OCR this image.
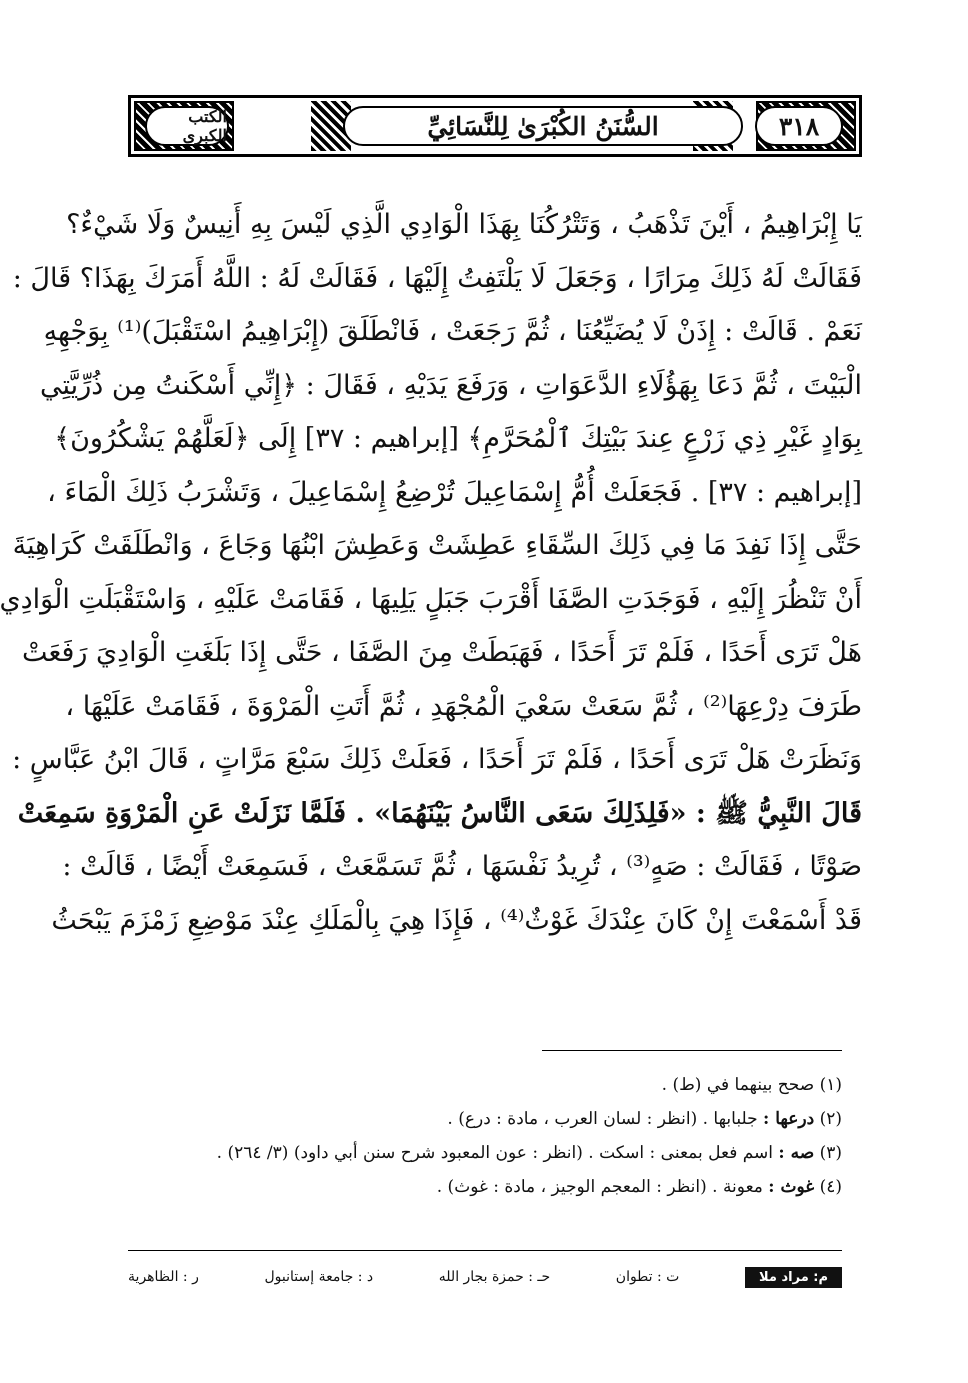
٣١٨
السُّنَنُ الكُبْرَىٰ لِلنَّسَائِيِّ
الكتب الكبرى
يَا إِبْرَاهِيمُ ، أَيْنَ تَذْهَبُ ، وَتَتْرُكُنَا بِهَذَا الْوَادِي الَّذِي لَيْسَ بِهِ أَنِيسٌ وَلَا شَيْءٌ؟
فَقَالَتْ لَهُ ذَلِكَ مِرَارًا ، وَجَعَلَ لَا يَلْتَفِتُ إِلَيْهَا ، فَقَالَتْ لَهُ : اللَّهُ أَمَرَكَ بِهَذَا؟ قَالَ :
نَعَمْ . قَالَتْ : إِذَنْ لَا يُضَيِّعُنَا ، ثُمَّ رَجَعَتْ ، فَانْطَلَقَ (إِبْرَاهِيمُ اسْتَقْبَلَ)⁽¹⁾ بِوَجْهِهِ
الْبَيْتَ ، ثُمَّ دَعَا بِهَؤُلَاءِ الدَّعَوَاتِ ، وَرَفَعَ يَدَيْهِ ، فَقَالَ : ﴿إِنِّي أَسْكَنتُ مِن ذُرِّيَّتِي
بِوَادٍ غَيْرِ ذِي زَرْعٍ عِندَ بَيْتِكَ ٱلْمُحَرَّمِ﴾ [إبراهيم : ٣٧] إِلَى ﴿لَعَلَّهُمْ يَشْكُرُونَ﴾
[إبراهيم : ٣٧] . فَجَعَلَتْ أُمُّ إِسْمَاعِيلَ تُرْضِعُ إِسْمَاعِيلَ ، وَتَشْرَبُ ذَلِكَ الْمَاءَ ،
حَتَّى إِذَا نَفِدَ مَا فِي ذَلِكَ السِّقَاءِ عَطِشَتْ وَعَطِشَ ابْنُهَا وَجَاعَ ، وَانْطَلَقَتْ كَرَاهِيَةَ
أَنْ تَنْظُرَ إِلَيْهِ ، فَوَجَدَتِ الصَّفَا أَقْرَبَ جَبَلٍ يَلِيهَا ، فَقَامَتْ عَلَيْهِ ، وَاسْتَقْبَلَتِ الْوَادِي
هَلْ تَرَى أَحَدًا ، فَلَمْ تَرَ أَحَدًا ، فَهَبَطَتْ مِنَ الصَّفَا ، حَتَّى إِذَا بَلَغَتِ الْوَادِيَ رَفَعَتْ
طَرَفَ دِرْعِهَا⁽²⁾ ، ثُمَّ سَعَتْ سَعْيَ الْمُجْهَدِ ، ثُمَّ أَتَتِ الْمَرْوَةَ ، فَقَامَتْ عَلَيْهَا ،
وَنَظَرَتْ هَلْ تَرَى أَحَدًا ، فَلَمْ تَرَ أَحَدًا ، فَعَلَتْ ذَلِكَ سَبْعَ مَرَّاتٍ ، قَالَ ابْنُ عَبَّاسٍ :
قَالَ النَّبِيُّ ﷺ : «فَلِذَلِكَ سَعَى النَّاسُ بَيْنَهُمَا» . فَلَمَّا نَزَلَتْ عَنِ الْمَرْوَةِ سَمِعَتْ
صَوْتًا ، فَقَالَتْ : صَهٍ⁽³⁾ ، تُرِيدُ نَفْسَهَا ، ثُمَّ تَسَمَّعَتْ ، فَسَمِعَتْ أَيْضًا ، قَالَتْ :
قَدْ أَسْمَعْتَ إِنْ كَانَ عِنْدَكَ غَوْثٌ⁽⁴⁾ ، فَإِذَا هِيَ بِالْمَلَكِ عِنْدَ مَوْضِعِ زَمْزَمَ يَبْحَثُ
(١) صحح بينهما في (ط) .
(٢) درعها : جلبابها . (انظر : لسان العرب ، مادة : درع) .
(٣) صه : اسم فعل بمعنى : اسكت . (انظر : عون المعبود شرح سنن أبي داود) (٣/ ٢٦٤) .
(٤) غوث : معونة . (انظر : المعجم الوجيز ، مادة : غوث) .
م: مراد ملا
ت : تطوان
حـ : حمزة بجار الله
د : جامعة إستانبول
ر : الظاهرية
